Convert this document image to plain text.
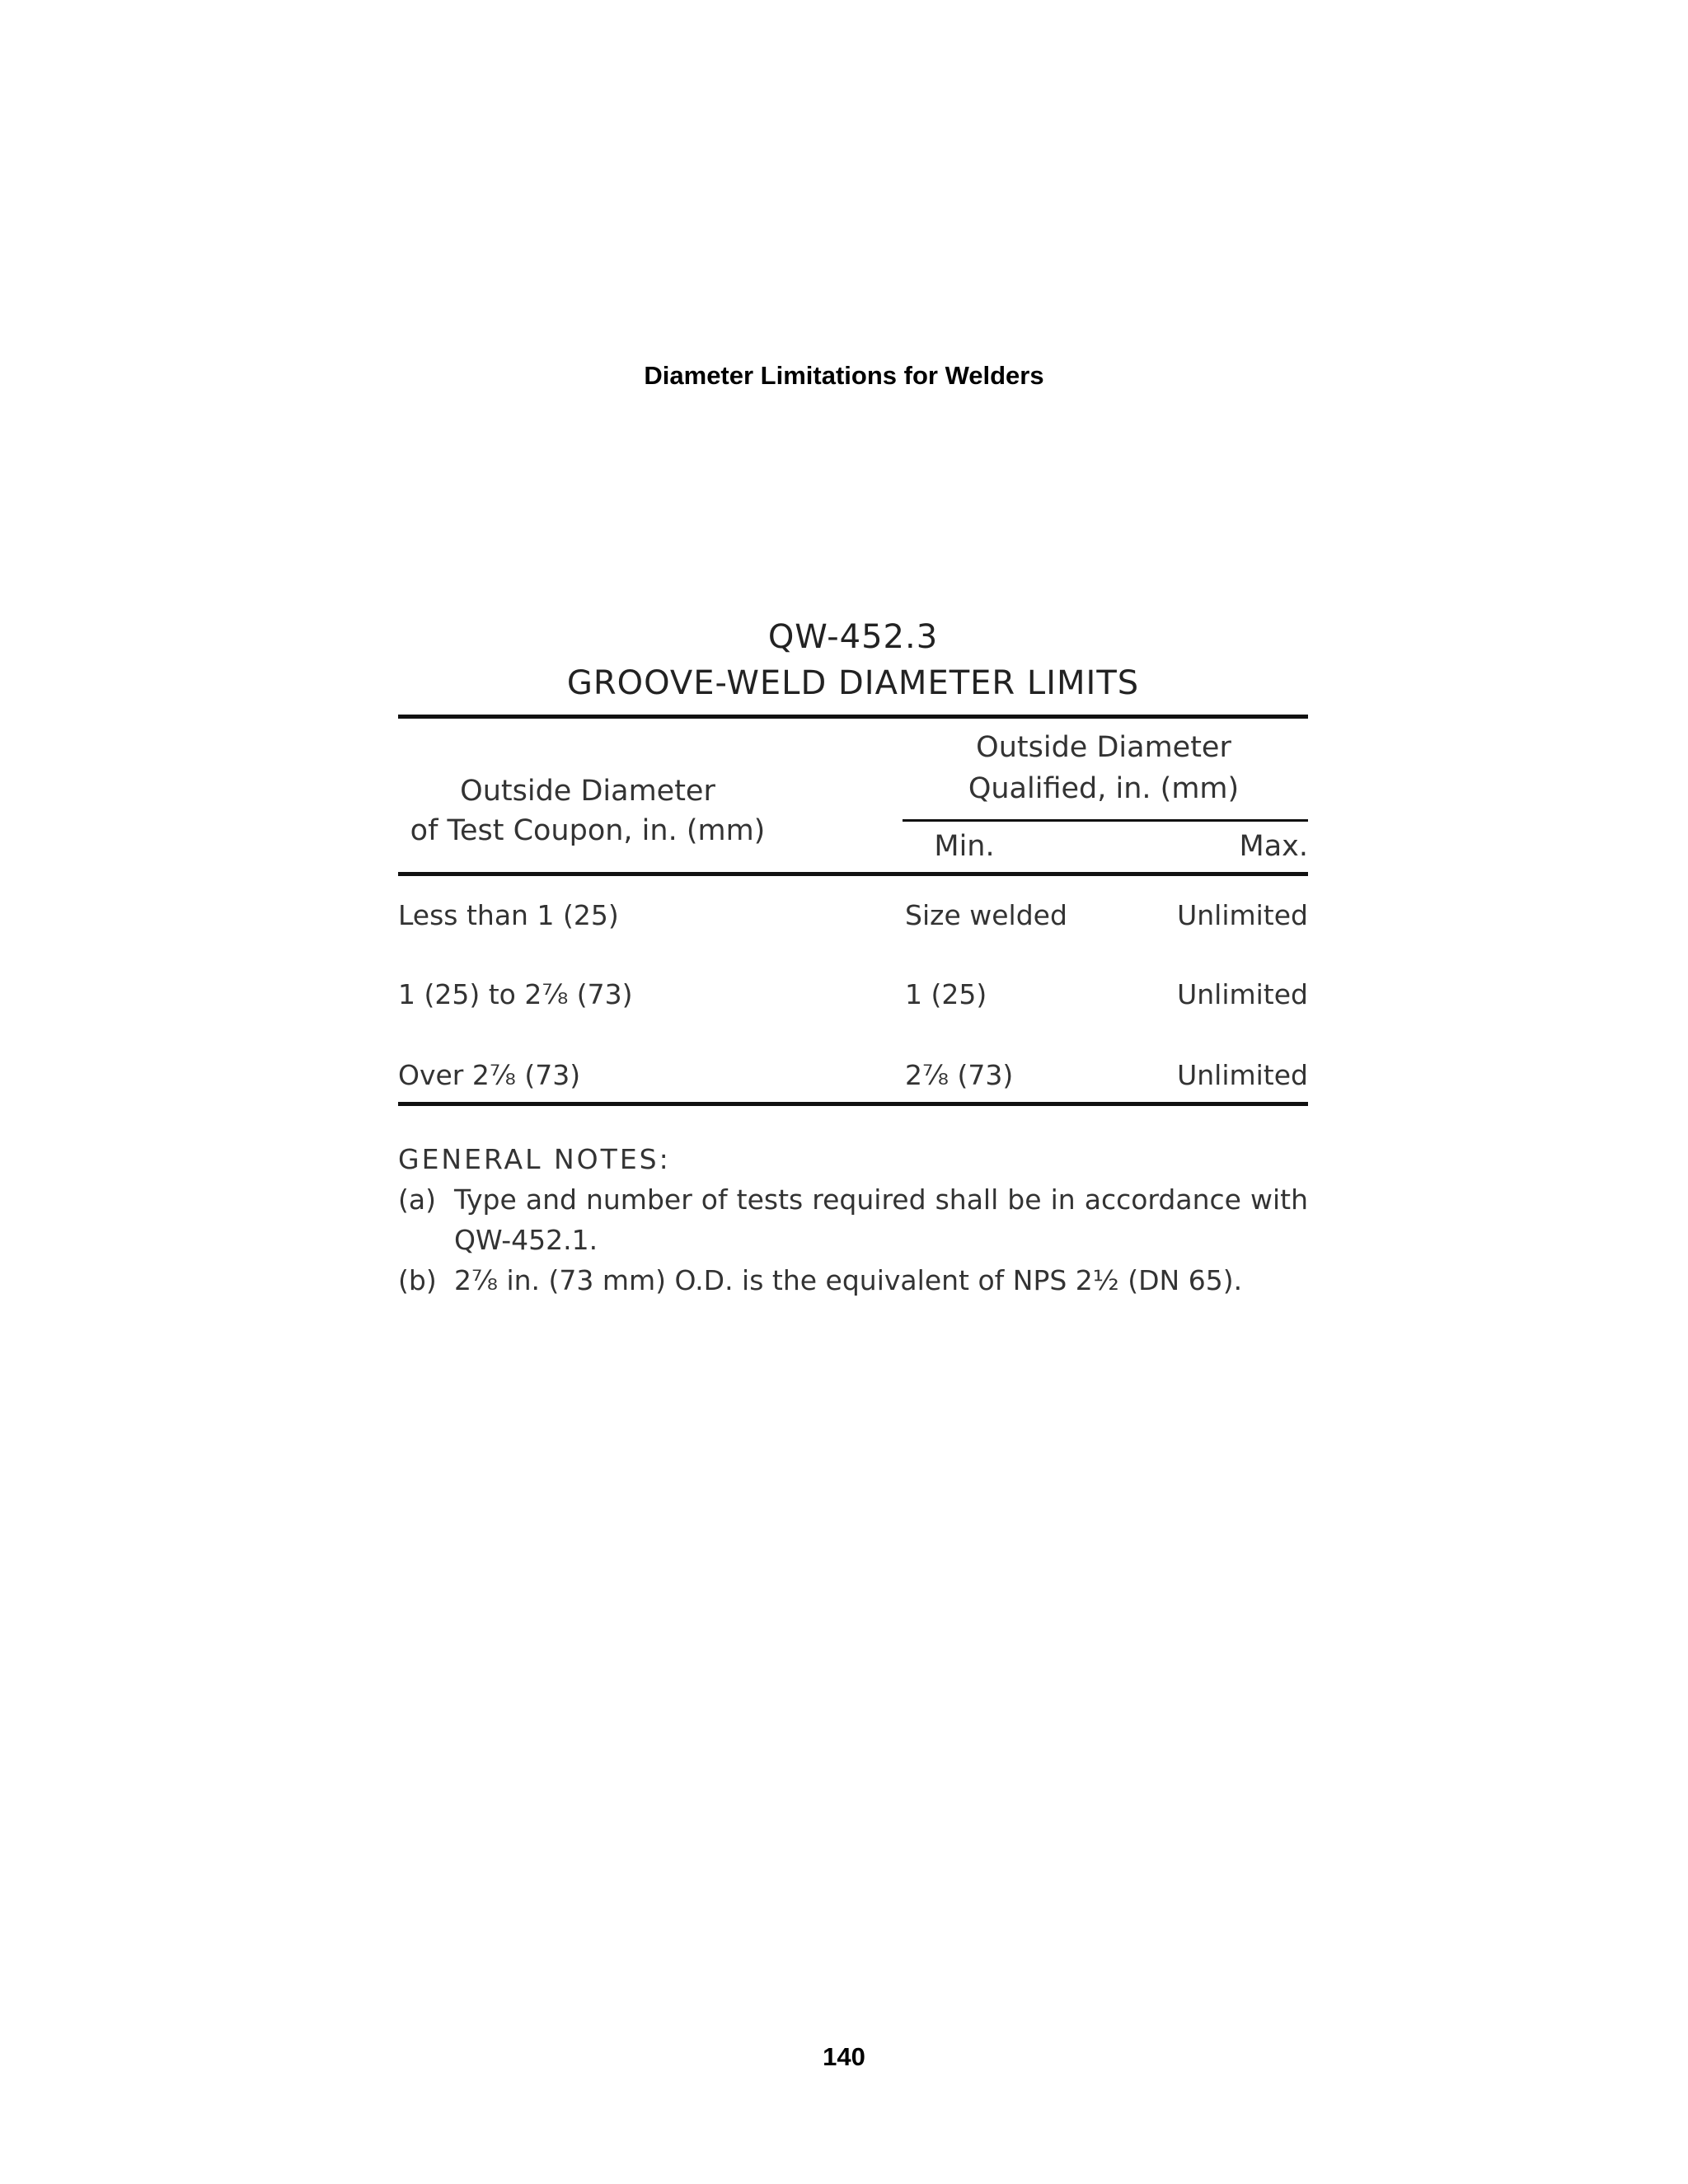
Diameter Limitations for Welders
QW-452.3
GROOVE-WELD DIAMETER LIMITS
Outside Diameter
of Test Coupon, in. (mm)
Outside Diameter
Qualified, in. (mm)
Min.	Max.
Less than 1 (25)	Size welded	Unlimited
1 (25) to 2⅞ (73)	1 (25)	Unlimited
Over 2⅞ (73)	2⅞ (73)	Unlimited
GENERAL NOTES:
(a) Type and number of tests required shall be in accordance with QW-452.1.
(b) 2⅞ in. (73 mm) O.D. is the equivalent of NPS 2½ (DN 65).
140
